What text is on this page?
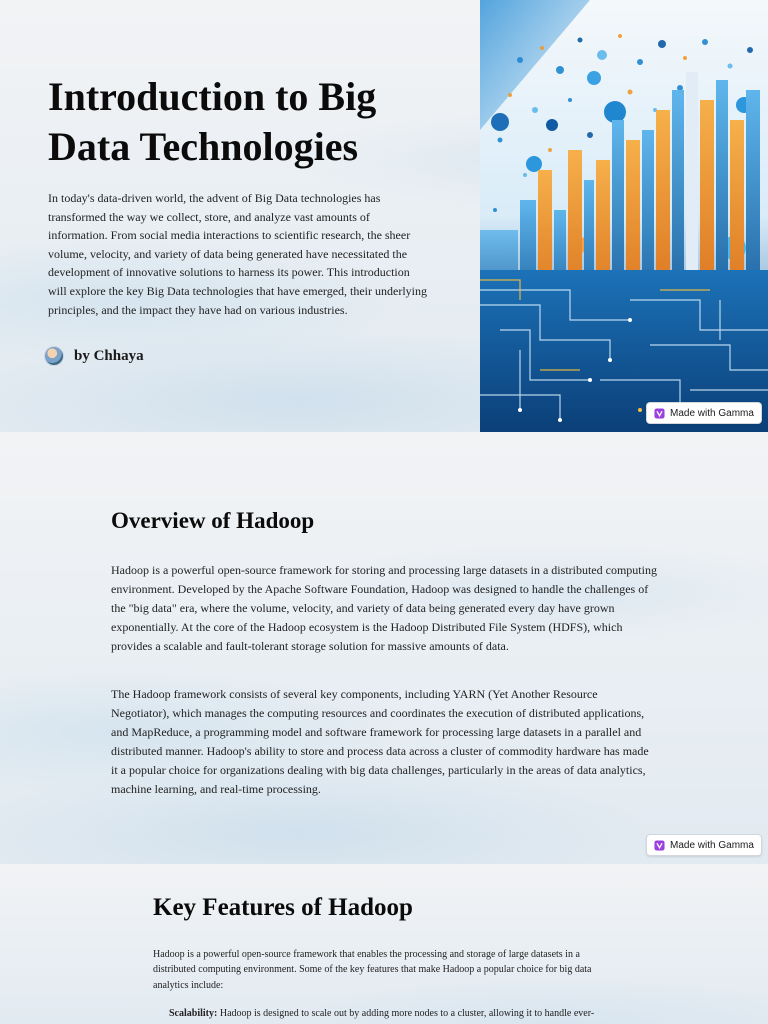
Introduction to Big Data Technologies

In today's data-driven world, the advent of Big Data technologies has transformed the way we collect, store, and analyze vast amounts of information. From social media interactions to scientific research, the sheer volume, velocity, and variety of data being generated have necessitated the development of innovative solutions to harness its power. This introduction will explore the key Big Data technologies that have emerged, their underlying principles, and the impact they have had on various industries.

by Chhaya
Made with Gamma
Overview of Hadoop

Hadoop is a powerful open-source framework for storing and processing large datasets in a distributed computing environment. Developed by the Apache Software Foundation, Hadoop was designed to handle the challenges of the "big data" era, where the volume, velocity, and variety of data being generated every day have grown exponentially. At the core of the Hadoop ecosystem is the Hadoop Distributed File System (HDFS), which provides a scalable and fault-tolerant storage solution for massive amounts of data.

The Hadoop framework consists of several key components, including YARN (Yet Another Resource Negotiator), which manages the computing resources and coordinates the execution of distributed applications, and MapReduce, a programming model and software framework for processing large datasets in a parallel and distributed manner. Hadoop's ability to store and process data across a cluster of commodity hardware has made it a popular choice for organizations dealing with big data challenges, particularly in the areas of data analytics, machine learning, and real-time processing.

Made with Gamma
Key Features of Hadoop

Hadoop is a powerful open-source framework that enables the processing and storage of large datasets in a distributed computing environment. Some of the key features that make Hadoop a popular choice for big data analytics include:

Scalability: Hadoop is designed to scale out by adding more nodes to a cluster, allowing it to handle ever-
